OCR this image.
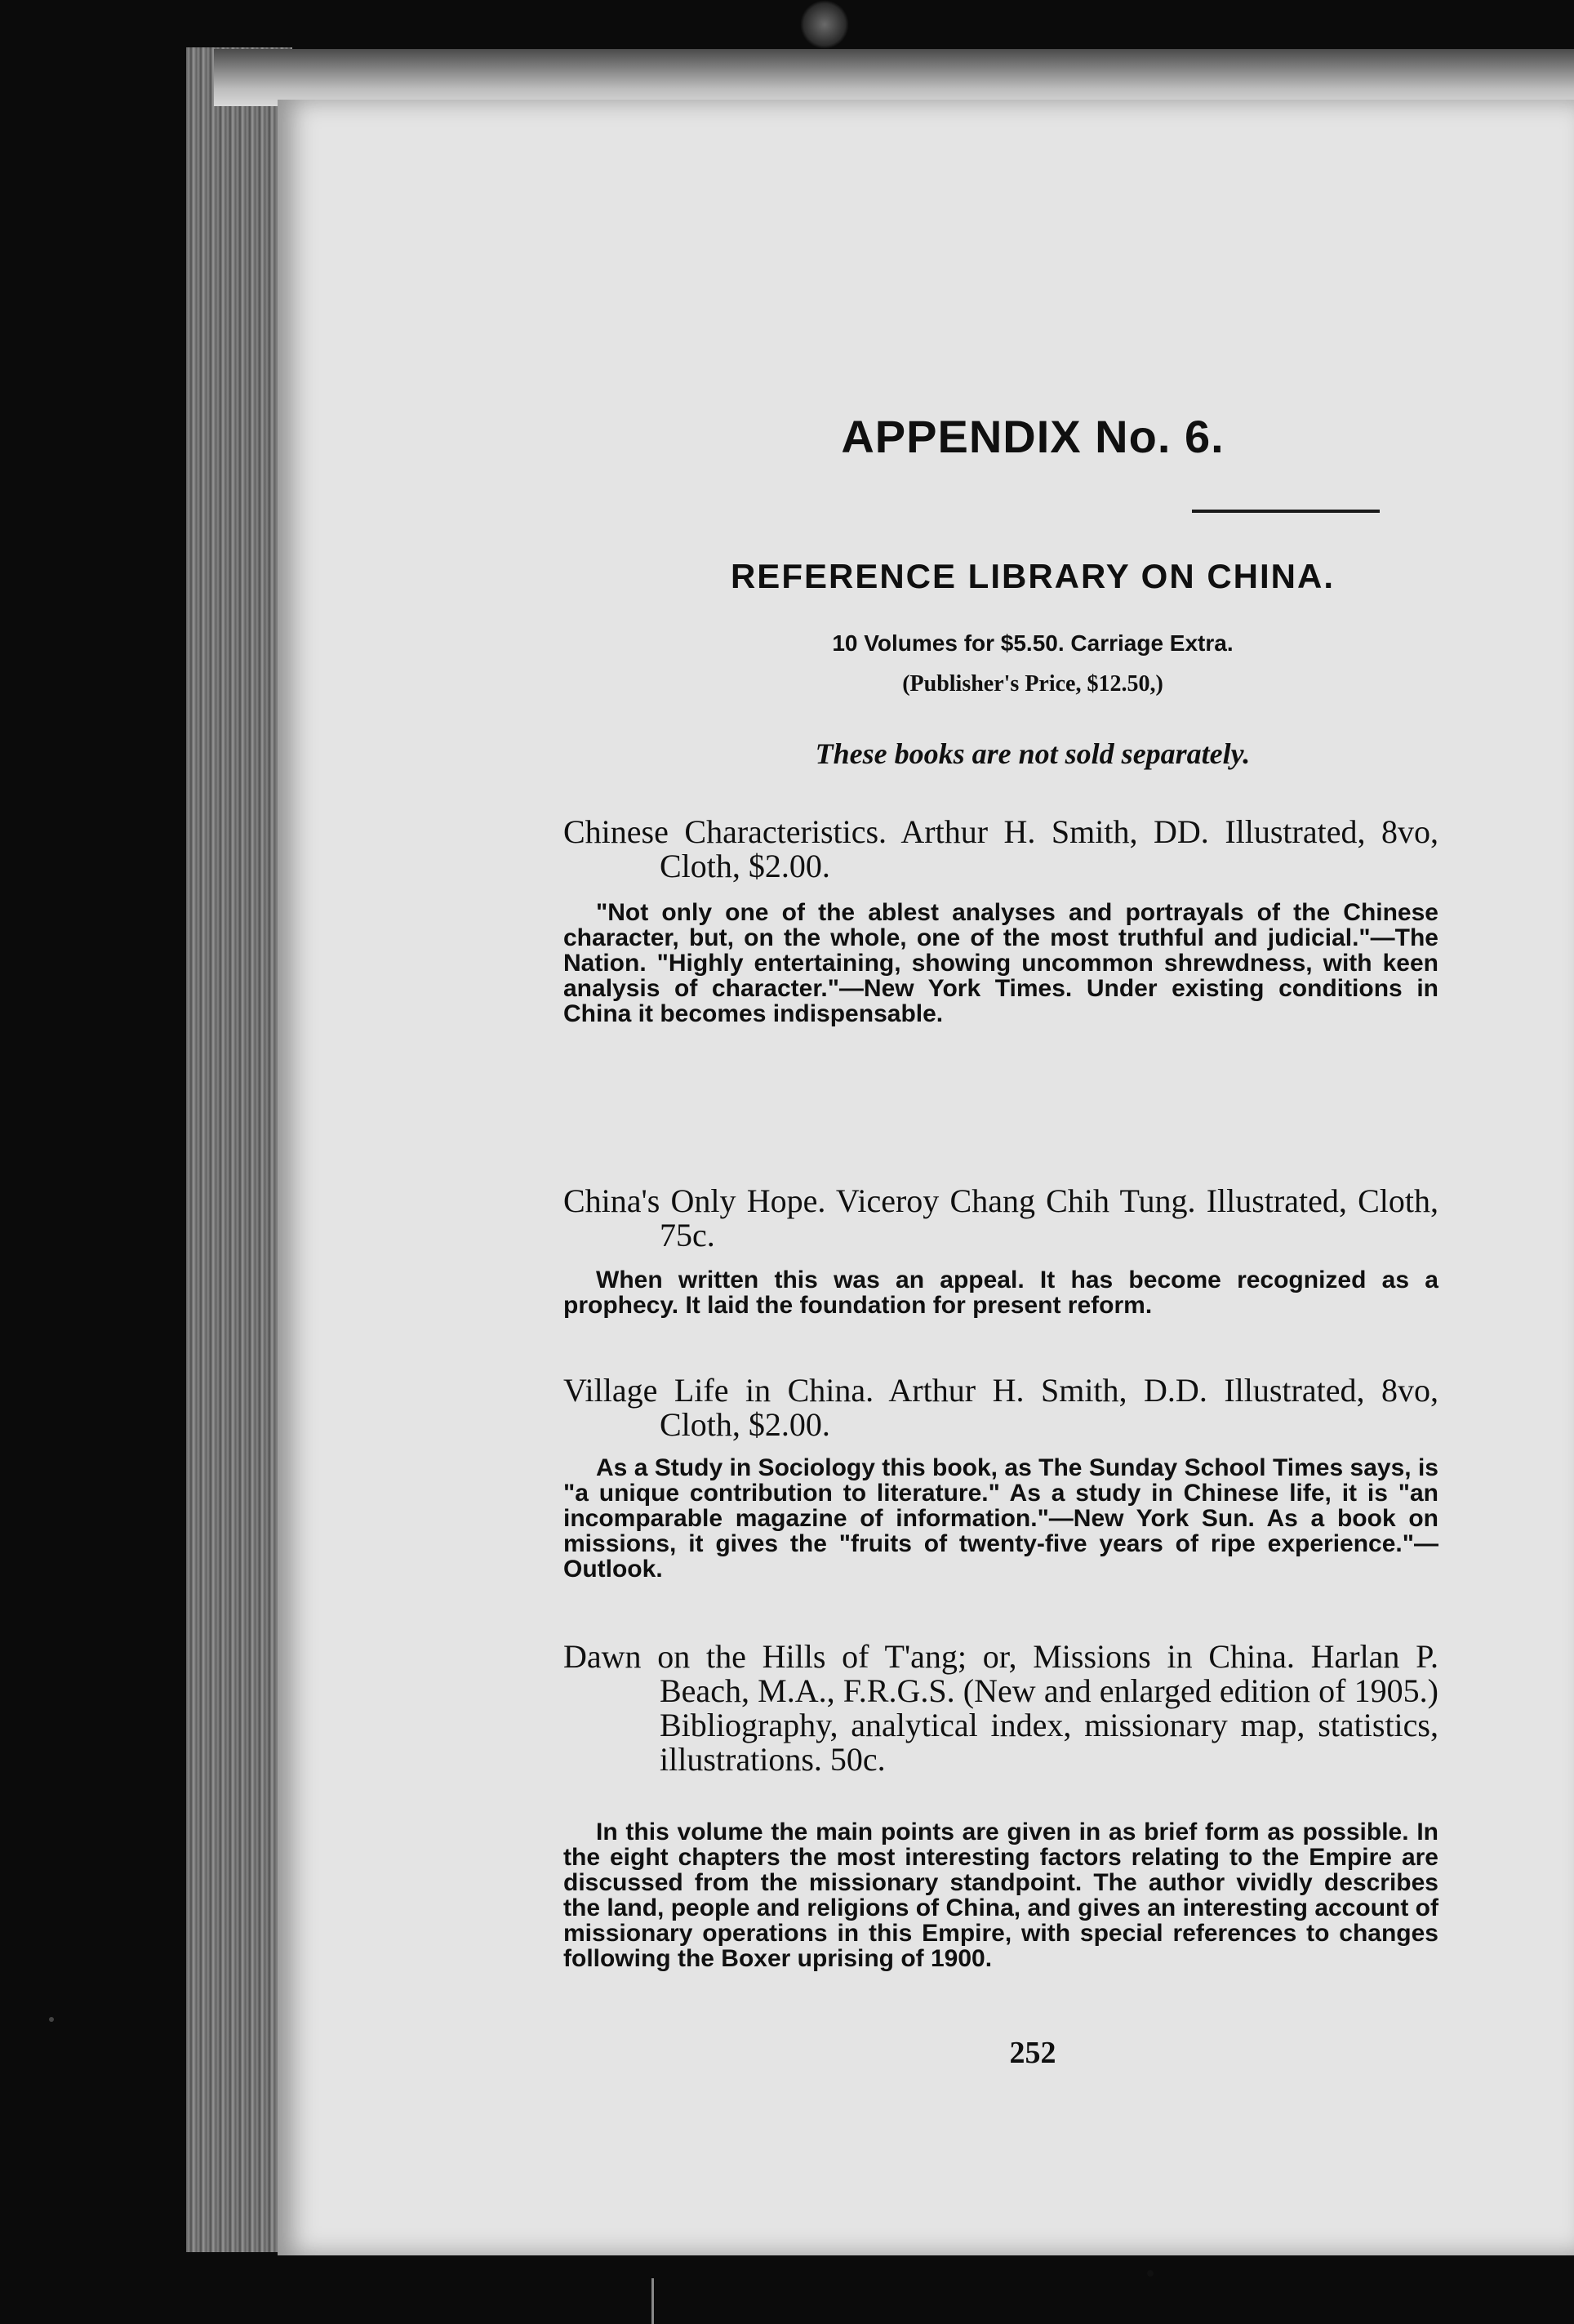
APPENDIX No. 6.
REFERENCE LIBRARY ON CHINA.
10 Volumes for $5.50. Carriage Extra.
(Publisher's Price, $12.50,)
These books are not sold separately.
Chinese Characteristics. Arthur H. Smith, DD. Illustrated, 8vo, Cloth, $2.00.
"Not only one of the ablest analyses and portrayals of the Chinese character, but, on the whole, one of the most truthful and judicial."—The Nation. "Highly entertaining, showing uncommon shrewdness, with keen analysis of character."—New York Times. Under existing conditions in China it becomes indispensable.
China's Only Hope. Viceroy Chang Chih Tung. Illustrated, Cloth, 75c.
When written this was an appeal. It has become recognized as a prophecy. It laid the foundation for present reform.
Village Life in China. Arthur H. Smith, D.D. Illustrated, 8vo, Cloth, $2.00.
As a Study in Sociology this book, as The Sunday School Times says, is "a unique contribution to literature." As a study in Chinese life, it is "an incomparable magazine of information."—New York Sun. As a book on missions, it gives the "fruits of twenty-five years of ripe experience."—Outlook.
Dawn on the Hills of T'ang; or, Missions in China. Harlan P. Beach, M.A., F.R.G.S. (New and enlarged edition of 1905.) Bibliography, analytical index, missionary map, statistics, illustrations. 50c.
In this volume the main points are given in as brief form as possible. In the eight chapters the most interesting factors relating to the Empire are discussed from the missionary standpoint. The author vividly describes the land, people and religions of China, and gives an interesting account of missionary operations in this Empire, with special references to changes following the Boxer uprising of 1900.
252
